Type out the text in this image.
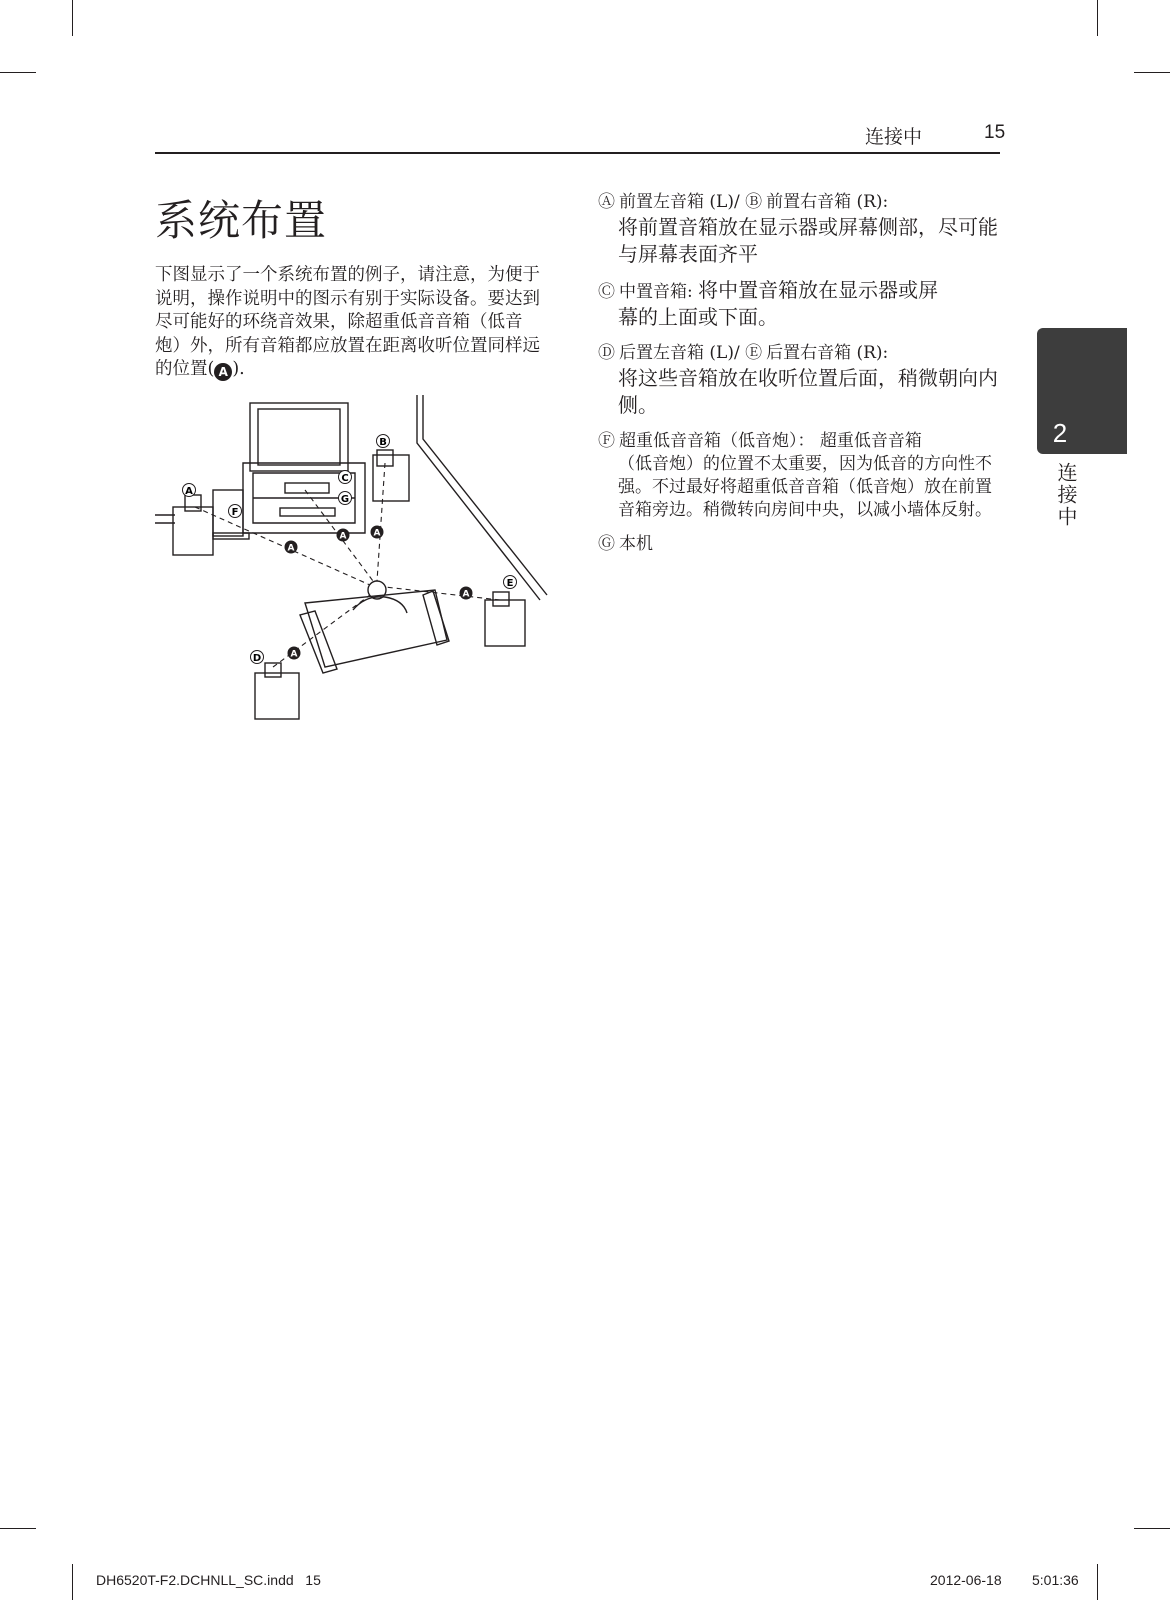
连接中	15
系统布置

下图显示了一个系统布置的例子，请注意，为便于说明，操作说明中的图示有别于实际设备。要达到尽可能好的环绕音效果，除超重低音音箱（低音炮）外，所有音箱都应放置在距离收听位置同样远的位置( A ).

A
B
C
D
E
F
G
A
A	A
A
A
Ⓐ 前置左音箱 (L)/ Ⓑ 前置右音箱 (R):
将前置音箱放在显示器或屏幕侧部，尽可能与屏幕表面齐平
Ⓒ 中置音箱: 将中置音箱放在显示器或屏
幕的上面或下面。
Ⓓ 后置左音箱 (L)/ Ⓔ 后置右音箱 (R):
将这些音箱放在收听位置后面，稍微朝向内侧。
Ⓕ 超重低音音箱（低音炮）： 超重低音音箱
（低音炮）的位置不太重要，因为低音的方向性不强。不过最好将超重低音音箱（低音炮）放在前置音箱旁边。稍微转向房间中央，以减小墙体反射。
Ⓖ 本机
2
连接中
DH6520T-F2.DCHNLL_SC.indd   15	2012-06-18 5:01:36
